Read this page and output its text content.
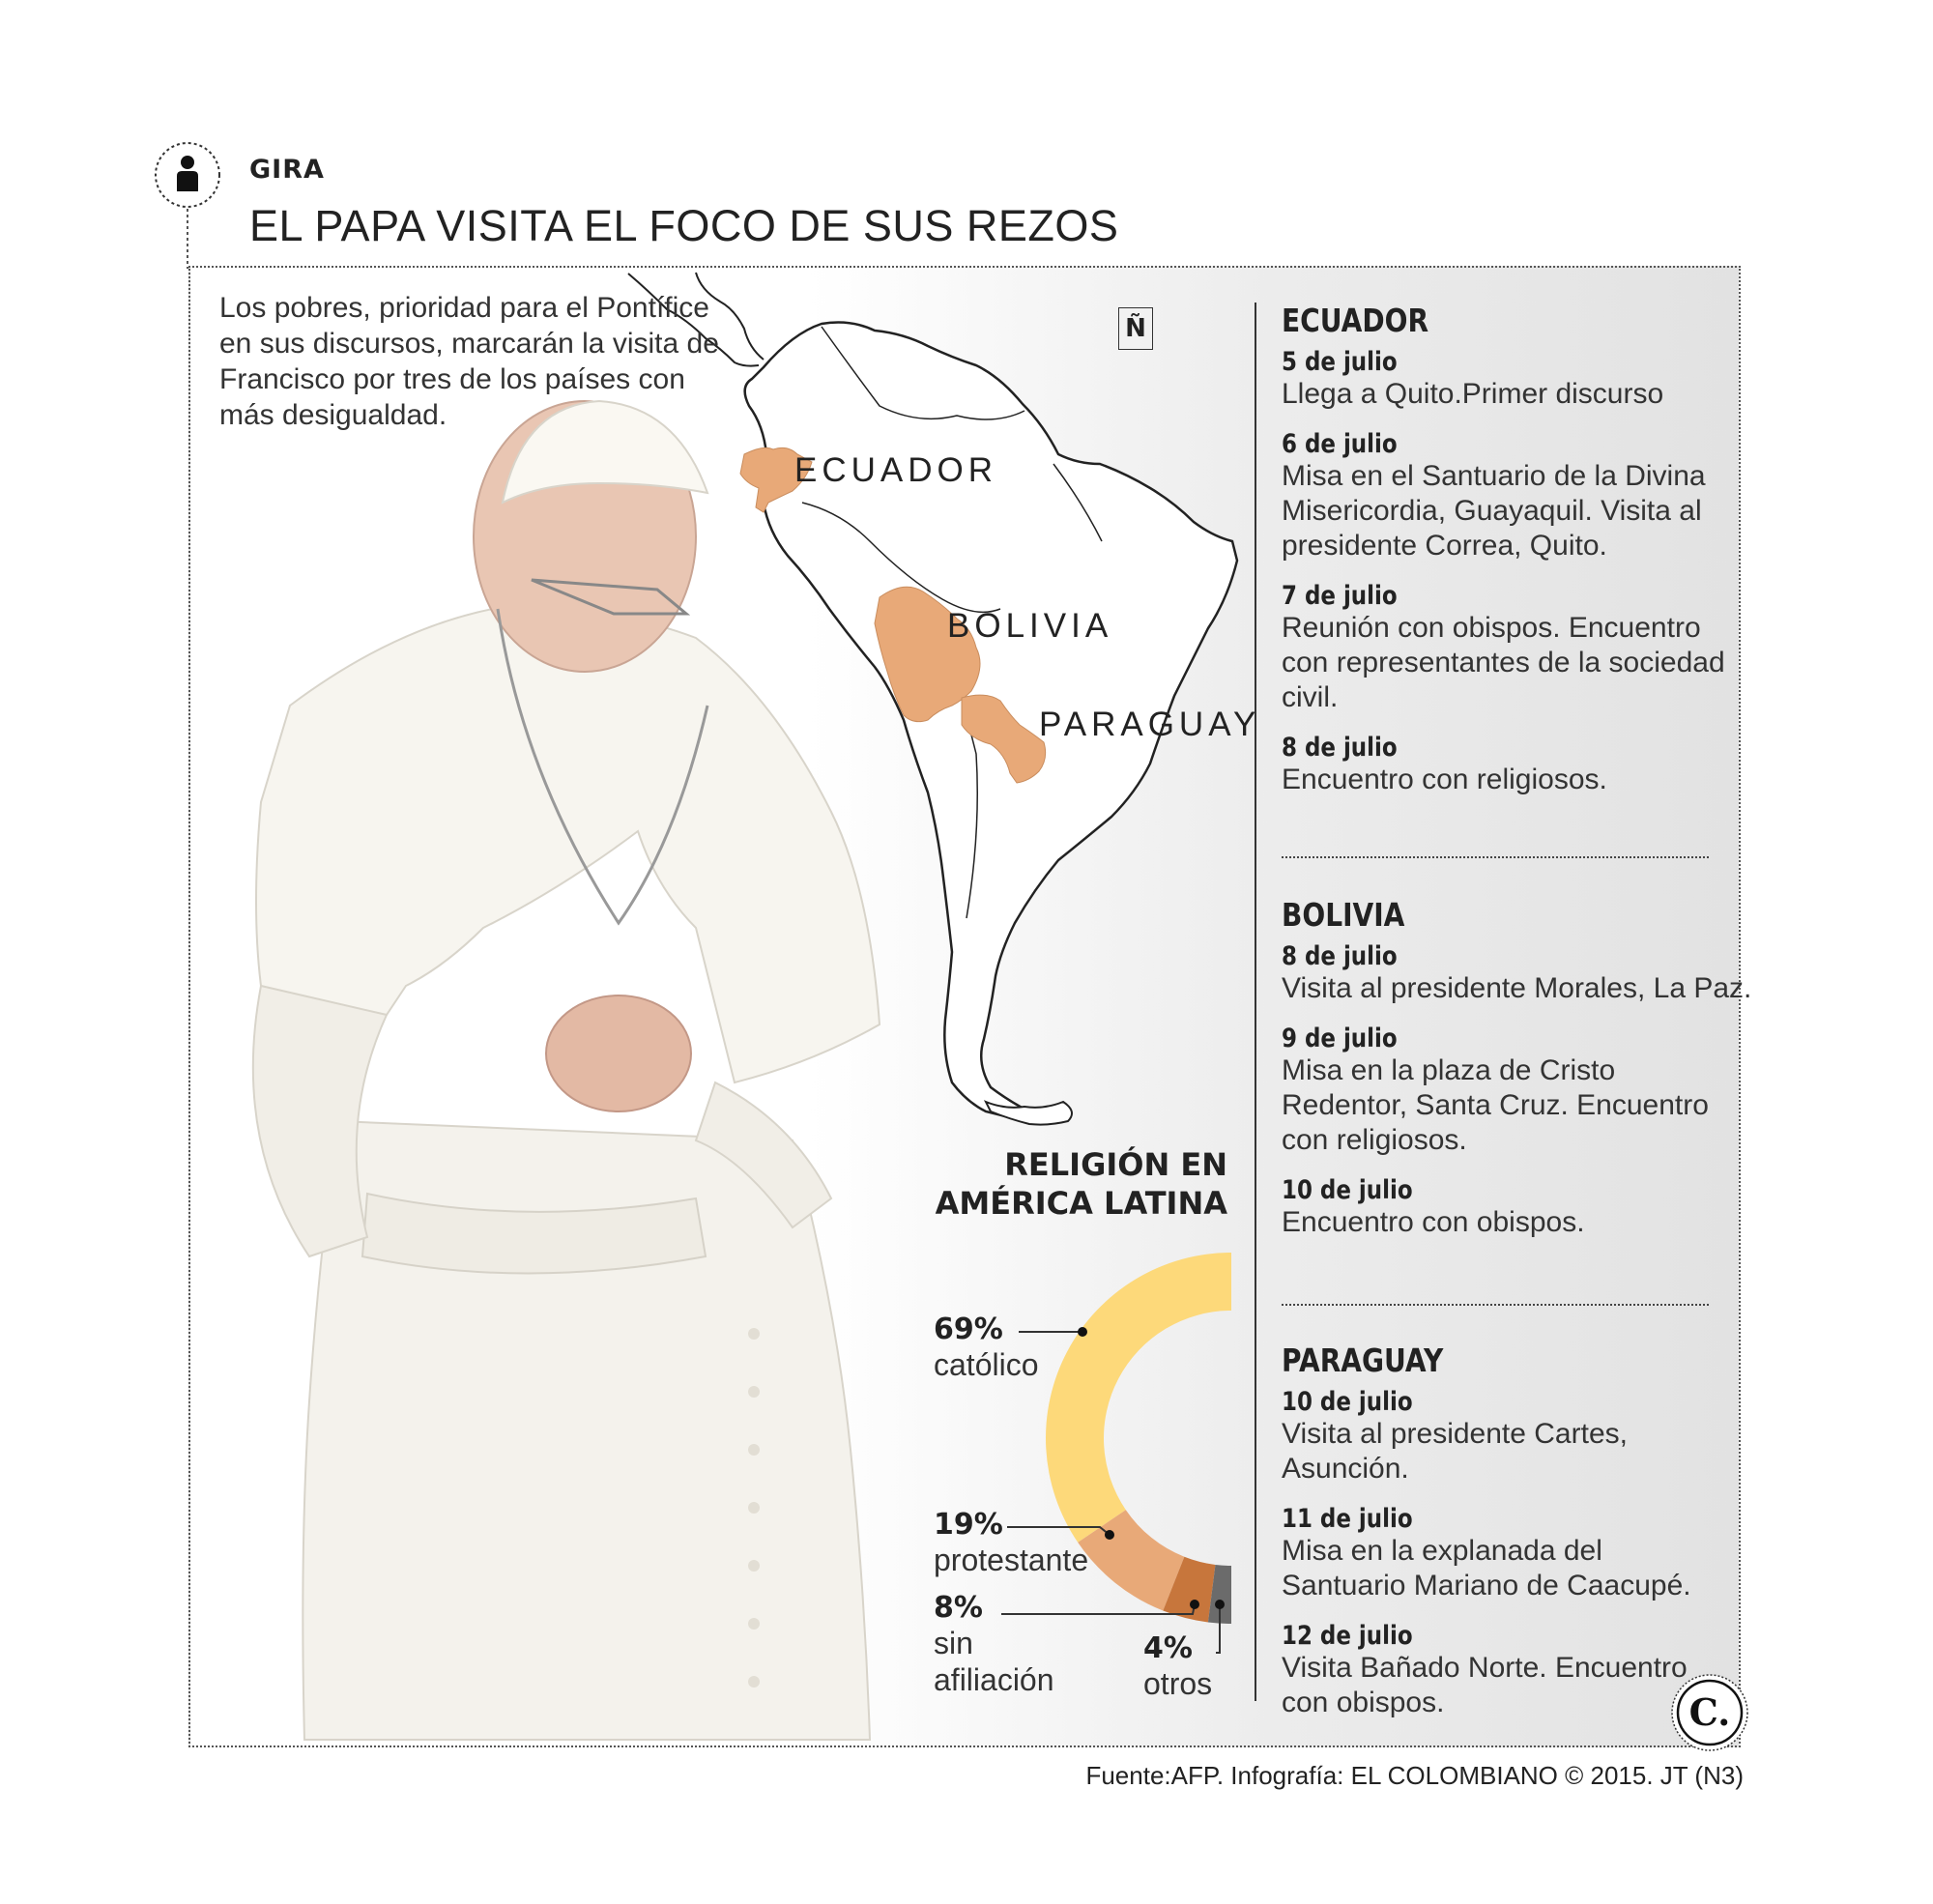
GIRA
EL PAPA VISITA EL FOCO DE SUS REZOS
Los pobres, prioridad para el Pontífice en sus discursos, marcarán la visita de Francisco por tres de los países con más desigualdad.
Ñ
ECUADOR
BOLIVIA
PARAGUAY
ECUADOR
5 de julio
Llega a Quito.Primer discurso
6 de julio
Misa en el Santuario de la Divina Misericordia, Guayaquil. Visita al presidente Correa, Quito.
7 de julio
Reunión con obispos. Encuentro con representantes de la sociedad civil.
8 de julio
Encuentro con religiosos.
BOLIVIA
8 de julio
Visita al presidente Morales, La Paz.
9 de julio
Misa en la plaza de Cristo Redentor, Santa Cruz. Encuentro con religiosos.
10 de julio
Encuentro con obispos.
PARAGUAY
10 de julio
Visita al presidente Cartes, Asunción.
11 de julio
Misa en la explanada del Santuario Mariano de Caacupé.
12 de julio
Visita Bañado Norte. Encuentro con obispos.
RELIGIÓN EN
AMÉRICA LATINA
69%
católico
19%
protestante
8%
sin
afiliación
4%
otros
Fuente:AFP. Infografía: EL COLOMBIANO © 2015. JT (N3)
C.
